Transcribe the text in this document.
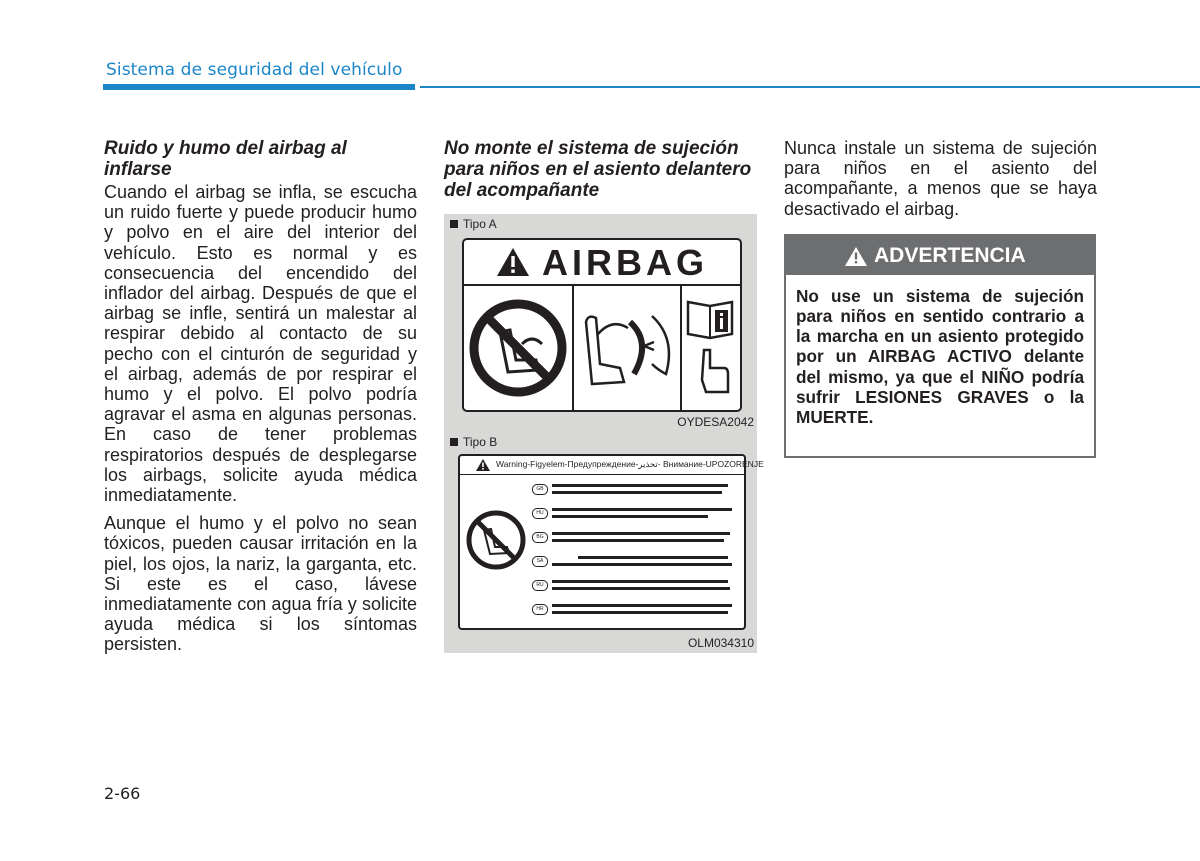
Sistema de seguridad del vehículo
Ruido y humo del airbag al inflarse

Cuando el airbag se infla, se escucha un ruido fuerte y puede producir humo y polvo en el aire del interior del vehículo. Esto es normal y es consecuencia del encendido del inflador del airbag. Después de que el airbag se infle, sentirá un malestar al respirar debido al contacto de su pecho con el cinturón de seguridad y el airbag, además de por respirar el humo y el polvo. El polvo podría agravar el asma en algunas personas. En caso de tener problemas respiratorios después de desplegarse los airbags, solicite ayuda médica inmediatamente.

Aunque el humo y el polvo no sean tóxicos, pueden causar irritación en la piel, los ojos, la nariz, la garganta, etc. Si este es el caso, lávese inmediatamente con agua fría y solicite ayuda médica si los síntomas persisten.

No monte el sistema de sujeción para niños en el asiento delantero del acompañante
Tipo A
AIRBAG
OYDESA2042
Tipo B
Warning-Figyelem-Предупреждение-تحذير- Внимание-UPOZORENJE
GB
HU
BG
SA
RU
HR
OLM034310

Nunca instale un sistema de sujeción para niños en el asiento del acompañante, a menos que se haya desactivado el airbag.

ADVERTENCIA
No use un sistema de sujeción para niños en sentido contrario a la marcha en un asiento protegido por un AIRBAG ACTIVO delante del mismo, ya que el NIÑO podría sufrir LESIONES GRAVES o la MUERTE.
2-66
